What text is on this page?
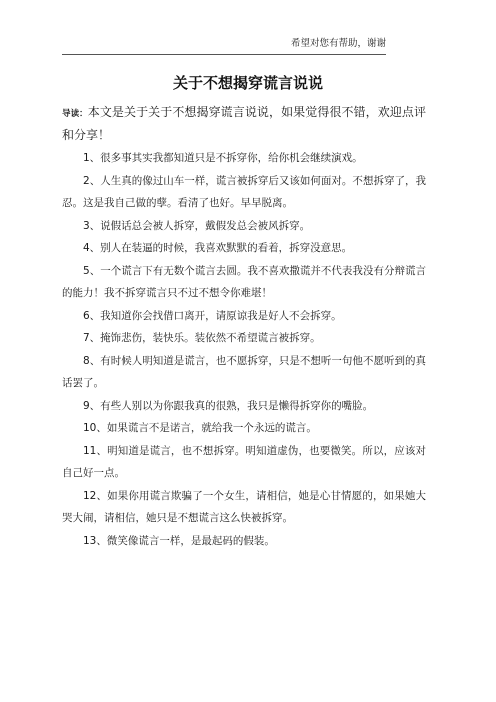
希望对您有帮助，谢谢
关于不想揭穿谎言说说

导读：本文是关于关于不想揭穿谎言说说，如果觉得很不错，欢迎点评和分享！

1、很多事其实我都知道只是不拆穿你，给你机会继续演戏。

2、人生真的像过山车一样，谎言被拆穿后又该如何面对。不想拆穿了，我忍。这是我自己做的孽。看清了也好。早早脱离。

3、说假话总会被人拆穿，戴假发总会被风拆穿。

4、别人在装逼的时候，我喜欢默默的看着，拆穿没意思。

5、一个谎言下有无数个谎言去圆。我不喜欢撒谎并不代表我没有分辩谎言的能力！我不拆穿谎言只不过不想令你难堪！

6、我知道你会找借口离开，请原谅我是好人不会拆穿。

7、掩饰悲伤，装快乐。装依然不希望谎言被拆穿。

8、有时候人明知道是谎言，也不愿拆穿，只是不想听一句他不愿听到的真话罢了。

9、有些人别以为你跟我真的很熟，我只是懒得拆穿你的嘴脸。

10、如果谎言不是诺言，就给我一个永远的谎言。

11、明知道是谎言，也不想拆穿。明知道虚伪，也要微笑。所以，应该对自己好一点。

12、如果你用谎言欺骗了一个女生，请相信，她是心甘情愿的，如果她大哭大闹，请相信，她只是不想谎言这么快被拆穿。

13、微笑像谎言一样，是最起码的假装。
